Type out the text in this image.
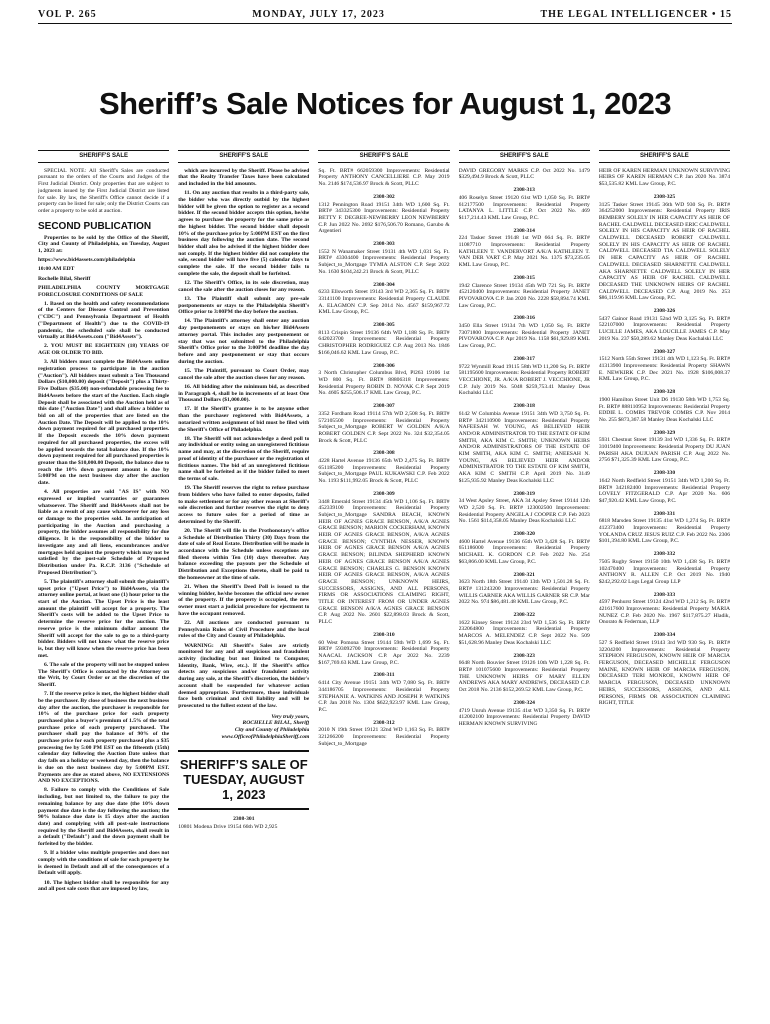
VOL P. 265	MONDAY, JULY 17, 2023	THE LEGAL INTELLIGENCER • 15
Sheriff’s Sale Notices for August 1, 2023
SHERIFF'S SALE

SPECIAL NOTE: All Sheriff's Sales are conducted pursuant to the orders of the Courts and Judges of the First Judicial District. Only properties that are subject to judgments issued by the First Judicial District are listed for sale. By law, the Sheriff's Office cannot decide if a property can be listed for sale; only the District Courts can order a property to be sold at auction.

SECOND PUBLICATION

Properties to be sold by the Office of the Sheriff, City and County of Philadelphia, on Tuesday, August 1, 2023 at:

https://www.bid4assets.com/philadelphia

10:00 AM EDT

Rochelle Bilal, Sheriff

PHILADELPHIA COUNTY MORTGAGE FORECLOSURE CONDITIONS OF SALE

1. Based on the health and safety recommendations of the Centers for Disease Control and Prevention ("CDC") and Pennsylvania Department of Health ("Department of Health") due to the COVID-19 pandemic, the scheduled sale shall be conducted virtually at Bid4Assets.com ("Bid4Assets").

2. YOU MUST BE EIGHTEEN (18) YEARS OF AGE OR OLDER TO BID.

3. All bidders must complete the Bid4Assets online registration process to participate in the auction ("Auction"). All bidders must submit a Ten Thousand Dollars ($10,000.00) deposit ("Deposit") plus a Thirty-Five Dollars ($35.00) non-refundable processing fee to Bid4Assets before the start of the Auction. Each single Deposit shall be associated with the Auction held as of this date ("Auction Date") and shall allow a bidder to bid on all of the properties that are listed on the Auction Date. The Deposit will be applied to the 10% down payment required for all purchased properties. If the Deposit exceeds the 10% down payment required for all purchased properties, the excess will be applied towards the total balance due. If the 10% down payment required for all purchased properties is greater than the $10,000.00 Deposit, the balance due to reach the 10% down payment amount is due by 5:00PM on the next business day after the auction date.

4. All properties are sold "AS IS" with NO expressed or implied warranties or guarantees whatsoever. The Sheriff and Bid4Assets shall not be liable as a result of any cause whatsoever for any loss or damage to the properties sold. In anticipation of participating in the Auction and purchasing a property, the bidder assumes all responsibility for due diligence. It is the responsibility of the bidder to investigate any and all liens, encumbrances and/or mortgages held against the property which may not be satisfied by the post-sale Schedule of Proposed Distribution under Pa. R.C.P. 3136 ("Schedule of Proposed Distribution").

5. The plaintiff's attorney shall submit the plaintiff's upset price ("Upset Price") to Bid4Assets, via the attorney online portal, at least one (1) hour prior to the start of the Auction. The Upset Price is the least amount the plaintiff will accept for a property. The Sheriff's costs will be added to the Upset Price to determine the reserve price for the auction. The reserve price is the minimum dollar amount the Sheriff will accept for the sale to go to a third-party bidder. Bidders will not know what the reserve price is, but they will know when the reserve price has been met.

6. The sale of the property will not be stopped unless The Sheriff's Office is contacted by the Attorney on the Writ, by Court Order or at the discretion of the Sheriff.

7. If the reserve price is met, the highest bidder shall be the purchaser. By close of business the next business day after the auction, the purchaser is responsible for 10% of the purchase price for each property purchased plus a buyer's premium of 1.5% of the total purchase price of each property purchased. The purchaser shall pay the balance of 90% of the purchase price for each property purchased plus a $35 processing fee by 5:00 PM EST on the fifteenth (15th) calendar day following the Auction Date unless that day falls on a holiday or weekend day, then the balance is due on the next business day by 5:00PM EST. Payments are due as stated above, NO EXTENSIONS AND NO EXCEPTIONS.

8. Failure to comply with the Conditions of Sale including, but not limited to, the failure to pay the remaining balance by any due date (the 10% down payment due date is the day following the auction; the 90% balance due date is 15 days after the auction date) and complying with all post-sale instructions required by the Sheriff and Bid4Assets, shall result in a default ("Default") and the down payment shall be forfeited by the bidder.

9. If a bidder wins multiple properties and does not comply with the conditions of sale for each property he is deemed in Default and all of the consequences of a Default will apply.

10. The highest bidder shall be responsible for any and all post sale costs that are imposed by law,

SHERIFF'S SALE

which are incurred by the Sheriff. Please be advised that the Realty Transfer Taxes have been calculated and included in the bid amounts.

11. On any auction that results in a third-party sale, the bidder who was directly outbid by the highest bidder will be given the option to register as a second bidder. If the second bidder accepts this option, he/she agrees to purchase the property for the same price as the highest bidder. The second bidder shall deposit 10% of the purchase price by 5:00PM EST on the first business day following the auction date. The second bidder shall also be advised if the highest bidder does not comply. If the highest bidder did not complete the sale, second bidder will have five (5) calendar days to complete the sale. If the second bidder fails to complete the sale, the deposit shall be forfeited.

12. The Sheriff's Office, in its sole discretion, may cancel the sale after the auction closes for any reason.

13. The Plaintiff shall submit any pre-sale postponements or stays to the Philadelphia Sheriff's Office prior to 3:00PM the day before the auction.

14. The Plaintiff's attorney shall enter any auction day postponements or stays on his/her Bid4Assets attorney portal. This includes any postponement or stay that was not submitted to the Philadelphia Sheriff's Office prior to the 3:00PM deadline the day before and any postponement or stay that occurs during the auction.

15. The Plaintiff, pursuant to Court Order, may cancel the sale after the auction closes for any reason.

16. All bidding after the minimum bid, as described in Paragraph 4, shall be in increments of at least One Thousand Dollars ($1,000.00).

17. If the Sheriff's grantee is to be anyone other than the purchaser registered with Bid4Assets, a notarized written assignment of bid must be filed with the Sheriff's Office of Philadelphia.

18. The Sheriff will not acknowledge a deed poll to any individual or entity using an unregistered fictitious name and may, at the discretion of the Sheriff, require proof of identity of the purchaser or the registration of fictitious names. The bid of an unregistered fictitious name shall be forfeited as if the bidder failed to meet the terms of sale.

19. The Sheriff reserves the right to refuse purchase from bidders who have failed to enter deposits, failed to make settlement or for any other reason at Sheriff's sole discretion and further reserves the right to deny access to future sales for a period of time as determined by the Sheriff.

20. The Sheriff will file in the Prothonotary's office a Schedule of Distribution Thirty (30) Days from the date of sale of Real Estate. Distribution will be made in accordance with the Schedule unless exceptions are filed thereto within Ten (10) days thereafter. Any balance exceeding the payouts per the Schedule of Distribution and Exceptions thereto, shall be paid to the homeowner at the time of sale.

21. When the Sheriff's Deed Poll is issued to the winning bidder, he/she becomes the official new owner of the property. If the property is occupied, the new owner must start a judicial procedure for ejectment to have the occupant removed.

22. All auctions are conducted pursuant to Pennsylvania Rules of Civil Procedure and the local rules of the City and County of Philadelphia.

WARNING: All Sheriff's Sales are strictly monitored for any and all suspicious and fraudulent activity (including but not limited to Computer, Identity, Bank, Wire, etc.). If the Sheriff's office detects any suspicious and/or fraudulent activity during any sale, at the Sheriff's discretion, the bidder's account shall be suspended for whatever action deemed appropriate. Furthermore, those individuals face both criminal and civil liability and will be prosecuted to the fullest extent of the law.

Very truly yours,
ROCHELLE BILAL, Sheriff
City and County of Philadelphia
www.OfficeofPhiladelphiaSheriff.com
SHERIFF’S SALE OF TUESDAY, AUGUST 1, 2023
2308-301
10801 Modena Drive 19154 66th WD 2,925
SHERIFF'S SALE
Sq. Ft. BRT# 662059300 Improvements: Residential Property ANTHONY CANCELLIERE C.P. May 2019 No. 2146 $174,536.97 Brock & Scott, PLLC
2308-302
1312 Pennington Road 19151 34th WD 1,600 Sq. Ft. BRT# 343325300 Improvements: Residential Property BETTY F. DEGREE-NEWBERRY LEON NEWBERRY C.P. Jun 2022 No. 2692 $176,506.70 Romano, Garubo & Argentieri
2308-303
1552 N Wanamaker Street 19131 4th WD 1,031 Sq. Ft. BRT# 43304400 Improvements: Residential Property Subject_to_Mortgage TYMIA ALSTON C.P. Sept 2022 No. 1630 $104,242.21 Brock & Scott, PLLC
2308-304
6233 Ellsworth Street 19143 3rd WD 2,365 Sq. Ft. BRT# 33141100 Improvements: Residential Property CLAUDE A. ELAGMON C.P. Sep 2014 No. 4567 $159,967.72 KML Law Group, P.C.
2308-305
8113 Crispin Street 19136 64th WD 1,188 Sq. Ft. BRT# 642023700 Improvements: Residential Property CHRISTOPHER RODRIGUEZ C.P. Aug 2013 No. 1846 $166,046.62 KML Law Group, P.C.
2308-306
3 North Christopher Columbus Blvd, Pl263 19106 1st WD 800 Sq. Ft. BRT# 88806318 Improvements: Residential Property ROBIN D. NOVAK C.P. Sept 2019 No. 4605 $255,506.17 KML Law Group, P.C.
2308-307
3352 Fordham Road 19114 57th WD 2,508 Sq. Ft. BRT# 572105500 Improvements: Residential Property Subject_to_Mortgage ROBERT W GOLDEN A/K/A ROBERT GOLDEN C.P. Sept 2022 No. 324 $32,354.05 Brock & Scott, PLLC
2308-308
4228 Hartel Avenue 19136 65th WD 2,475 Sq. Ft. BRT# 651185200 Improvements: Residential Property Subject_to_Mortgage PAUL KUKAWSKI C.P. Feb 2022 No. 1193 $111,992.05 Brock & Scott, PLLC
2308-309
3448 Emerald Street 19134 45th WD 1,106 Sq. Ft. BRT# 452339100 Improvements: Residential Property Subject_to_Mortgage SANDRA BEACH, KNOWN HEIR OF AGNES GRACE BENSON, A/K/A AGNES GRACE BENSON; MARION COCKERHAM, KNOWN HEIR OF AGNES GRACE BENSON, A/K/A AGNES GRACE BENSON; CYNTHIA NESSER, KNOWN HEIR OF AGNES GRACE BENSON A/K/A AGNES GRACE BENSON; BILINDA SHEPHERD KNOWN HEIR OF AGNES GRACE BENSON A/K/A AGNES GRACE BENSON; CHARLES G. BENSON KNOWN HEIR OF AGNES GRACE BENSON, A/K/A AGNES GRACE BENSON; UNKNOWN HEIRS, SUCCESSORS, ASSIGNS, AND ALL PERSONS, FIRMS OR ASSOCIATIONS CLAIMING RIGHT, TITLE OR INTEREST FROM OR UNDER AGNES GRACE BENSON A/K/A AGNES GRACE BENSON C.P. Aug 2022 No. 2601 $22,898.03 Brock & Scott, PLLC
2308-310
60 West Pomona Street 19144 59th WD 1,699 Sq. Ft. BRT# 593092700 Improvements: Residential Property NAACAL JACKSON C.P. Apr 2022 No. 2239 $167,769.63 KML Law Group, P.C.
2308-311
6414 City Avenue 19151 34th WD 7,080 Sq. Ft. BRT# 344186705 Improvements: Residential Property STEPHANIE A. WATKINS AND JOSEPH P. WATKINS C.P. Jan 2018 No. 1304 $622,923.97 KML Law Group, P.C.
2308-312
2010 N 19th Street 19121 32nd WD 1,163 Sq. Ft. BRT# 321266200 Improvements: Residential Property Subject_to_Mortgage
SHERIFF'S SALE
DAVID GREGORY MARKS C.P. Oct 2022 No. 1479 $329,494.9 Brock & Scott, PLLC
2308-313
406 Roselyn Street 19120 61st WD 1,050 Sq. Ft. BRT# 612177500 Improvements: Residential Property LATANYA L. LITTLE C.P. Oct 2022 No. 469 $117,214.43 KML Law Group, P.C.
2308-314
224 Tasker Street 19148 1st WD 664 Sq. Ft. BRT# 11087710 Improvements: Residential Property KATHLEEN T. VANDERVORT A/K/A KATHLEEN T. VAN DER VART C.P. May 2021 No. 1375 $73,235.05 KML Law Group, P.C.
2308-315
1942 Clarence Street 19134 45th WD 721 Sq. Ft. BRT# 452120400 Improvements: Residential Property JANET PIVOVAROVA C.P. Jan 2020 No. 2228 $58,894.74 KML Law Group, P.C.
2308-316
3450 Ella Street 19134 7th WD 1,050 Sq. Ft. BRT# 73071800 Improvements: Residential Property JANET PIVOVAROVA C.P. Apr 2019 No. 1158 $61,929.89 KML Law Group, P.C.
2308-317
9722 Wynmill Road 19115 58th WD 11,200 Sq. Ft. BRT# 581195600 Improvements: Residential Property ROBERT VECCHIONE, JR. A/K/A ROBERT J. VECCHIONE, JR C.P. July 2019 No. 5048 $259,753.41 Manley Deas Kochalski LLC
2308-318
6142 W Columbia Avenue 19151 34th WD 3,750 Sq. Ft. BRT# 342110900 Improvements: Residential Property NAFEESAH W. YOUNG, AS BELIEVED HEIR AND/OR ADMINISTRATOR TO THE ESTATE OF KIM SMITH, AKA KIM C. SMITH; UNKNOWN HEIRS AND/OR ADMINISTRATORS OF THE ESTATE OF KIM SMITH, AKA KIM C. SMITH; ANEESAH N. YOUNG, AS BELIEVED HEIR AND/OR ADMINISTRATOR TO THE ESTATE OF KIM SMITH, AKA KIM C SMITH C.P. April 2019 No. 3149 $125,935.92 Manley Deas Kochalski LLC
2308-319
34 West Apsley Street, AKA 34 Apsley Street 19144 12th WD 2,520 Sq. Ft. BRT# 123002500 Improvements: Residential Property ANGELA J COOPER C.P. Feb 2023 No. 1561 $114,358.05 Manley Deas Kochalski LLC
2308-320
4600 Hartel Avenue 19136 65th WD 3,428 Sq. Ft. BRT# 651186000 Improvements: Residential Property MICHAEL K. GORDON C.P. Feb 2022 No. 254 $63,866.00 KML Law Group, P.C.
2308-321
3623 North 18th Street 19140 13th WD 1,501.28 Sq. Ft. BRT# 131243200 Improvements: Residential Property WILLIS GARNER AKA WILLIS GARNER SR C.P. Mar 2022 No. 974 $86,481.48 KML Law Group, P.C.
2308-322
1622 Kinsey Street 19124 23rd WD 1,536 Sq. Ft. BRT# 232064800 Improvements: Residential Property MARCOS A. MELENDEZ C.P. Sept 2022 No. 509 $51,628.96 Manley Deas Kochalski LLC
2308-323
6648 North Bouvier Street 19126 10th WD 1,228 Sq. Ft. BRT# 101075600 Improvements: Residential Property THE UNKNOWN HEIRS OF MARY ELLEN ANDREWS AKA MARY ANDREWS, DECEASED C.P. Oct 2018 No. 2136 $152,269.52 KML Law Group, P.C.
2308-324
4719 Unruh Avenue 19135 41st WD 3,350 Sq. Ft. BRT# 412002100 Improvements: Residential Property DAVID HERMAN KNOWN SURVIVING
SHERIFF'S SALE
HEIR OF KAREN HERMAN UNKNOWN SURVIVING HEIRS OF KAREN HERMAN C.P. Jan 2020 No. 3874 $53,535.82 KML Law Group, P.C.
2308-325
3125 Tasker Street 19145 36th WD 930 Sq. Ft. BRT# 364252000 Improvements: Residential Property IRIS BEMBERY SOLELY IN HER CAPACITY AS HEIR OF RACHEL CALDWELL DECEASED ERIC CALDWELL SOLELY IN HIS CAPACITY AS HEIR OF RACHEL CALDWELL DECEASED ROBERT CALDWELL SOLELY IN HIS CAPACITY AS HEIR OF RACHEL CALDWELL DECEASED TIA CALDWELL SOLELY IN HER CAPACITY AS HEIR OF RACHEL CALDWELL DECEASED SHARNETTE CALDWELL AKA SHARNETTE CALDWELL SOLELY IN HER CAPACITY AS HEIR OF RACHEL CALDWELL DECEASED THE UNKNOWN HEIRS OF RACHEL CALDWELL DECEASED C.P. Aug 2019 No. 253 $86,119.96 KML Law Group, P.C.
2308-326
5437 Gainor Road 19131 52nd WD 3,125 Sq. Ft. BRT# 522107000 Improvements: Residential Property LUCILLE JAMES, AKA LOUCILLE JAMES C.P. May 2019 No. 237 $50,289.62 Manley Deas Kochalski LLC
2308-327
1512 North 55th Street 19131 4th WD 1,123 Sq. Ft. BRT# 41313900 Improvements: Residential Property SHAWN E. NEWKIRK C.P. Dec 2021 No. 1928 $106,008.37 KML Law Group, P.C.
2308-328
1900 Hamilton Street Unit D6 19130 58th WD 1,753 Sq. Ft. BRT# 888110952 Improvements: Residential Property EDDIE L. COMBS TREVOR COMBS C.P. Nov 2014 No. 255 $873,367.58 Manley Deas Kochalski LLC
2308-329
5931 Chestnut Street 19139 3rd WD 1,336 Sq. Ft. BRT# 31019400 Improvements: Residential Property DU JUAN PARISH AKA DUJUAN PARISH C.P. Aug 2022 No. 2756 $71,325.39 KML Law Group, P.C.
2308-330
1642 North Redfield Street 19151 34th WD 1,200 Sq. Ft. BRT# 342182400 Improvements: Residential Property LOVELY FITZGERALD C.P. Apr 2020 No. 606 $47,920.42 KML Law Group, P.C.
2308-331
6818 Marsden Street 19135 41st WD 1,274 Sq. Ft. BRT# 412373400 Improvements: Residential Property YOLANDA CRUZ JESUS RUIZ C.P. Feb 2022 No. 2306 $101,394.80 KML Law Group, P.C.
2308-332
7505 Rugby Street 19150 10th WD 1,438 Sq. Ft. BRT# 102470400 Improvements: Residential Property ANTHONY R. ALLEN C.P. Oct 2019 No. 1940 $242,292.02 Logs Legal Group LLP
2308-333
4597 Penhurst Street 19124 42nd WD 1,212 Sq. Ft. BRT# 421617600 Improvements: Residential Property MARIA NUNEZ C.P. Feb 2020 No. 1967 $117,875.27 Hladik, Onorato & Federman, LLP
2308-334
527 S Redfield Street 19143 3rd WD 930 Sq. Ft. BRT# 32204200 Improvements: Residential Property STEPHON FERGUSON, KNOWN HEIR OF MARCIA FERGUSON, DECEASED MICHELLE FERGUSON MAINE, KNOWN HEIR OF MARCIA FERGUSON, DECEASED TERI MONROE, KNOWN HEIR OF MARCIA FERGUSON, DECEASED UNKNOWN HEIRS, SUCCESSORS, ASSIGNS, AND ALL PERSONS, FIRMS OR ASSOCIATION CLAIMING RIGHT, TITLE
